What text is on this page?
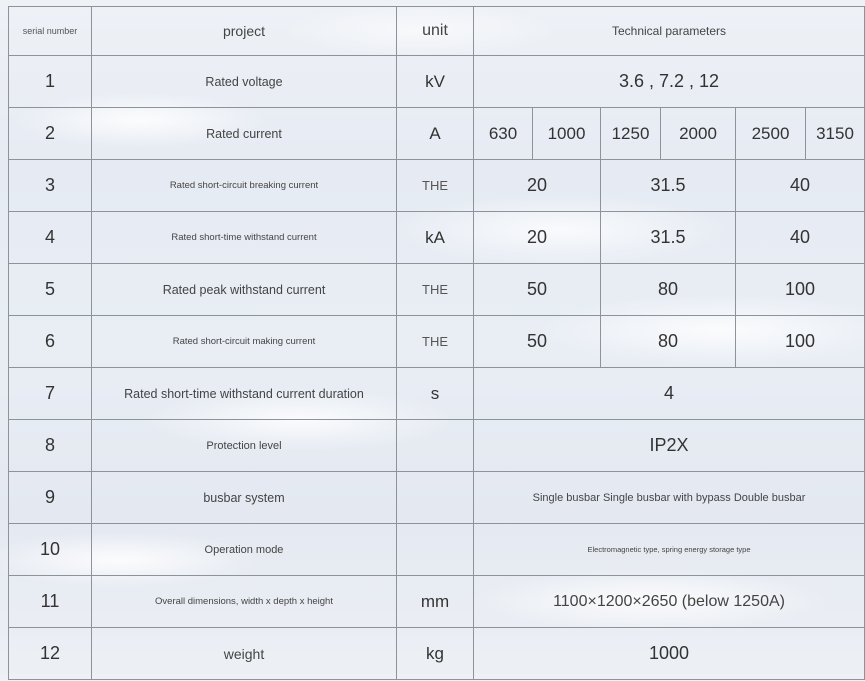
serial number	project	unit	Technical parameters					
1	Rated voltage	kV	3.6 , 7.2 , 12					
2	Rated current	A	630	1000	1250	2000	2500	3150
3	Rated short-circuit breaking current	THE	20		31.5		40	
4	Rated short-time withstand current	kA	20		31.5		40	
5	Rated peak withstand current	THE	50		80		100	
6	Rated short-circuit making current	THE	50		80		100	
7	Rated short-time withstand current duration	s	4					
8	Protection level		IP2X					
9	busbar system		Single busbar Single busbar with bypass Double busbar					
10	Operation mode		Electromagnetic type, spring energy storage type					
11	Overall dimensions, width x depth x height	mm	1100×1200×2650 (below 1250A)					
12	weight	kg	1000					
